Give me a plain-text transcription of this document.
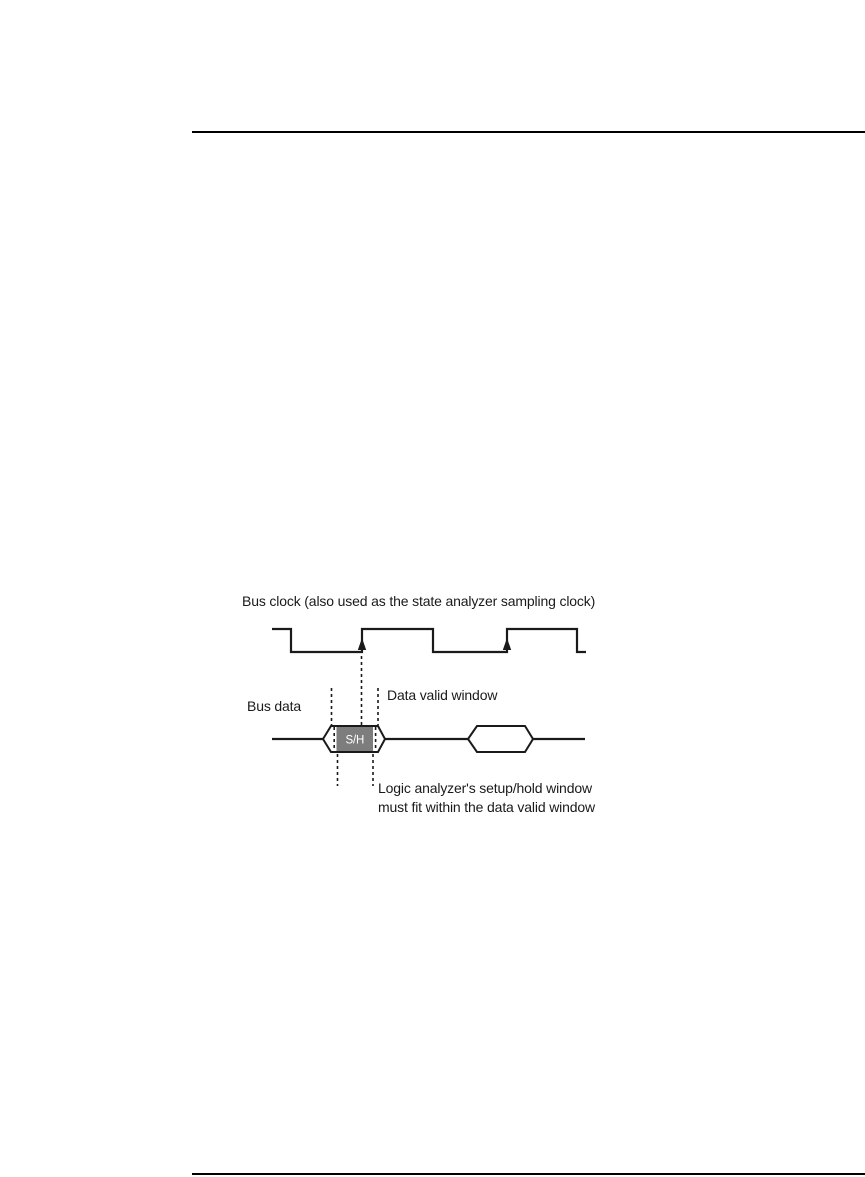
Bus clock (also used as the state analyzer sampling clock)
Data valid window
Bus data
Logic analyzer's setup/hold window
must fit within the data valid window
S/H
